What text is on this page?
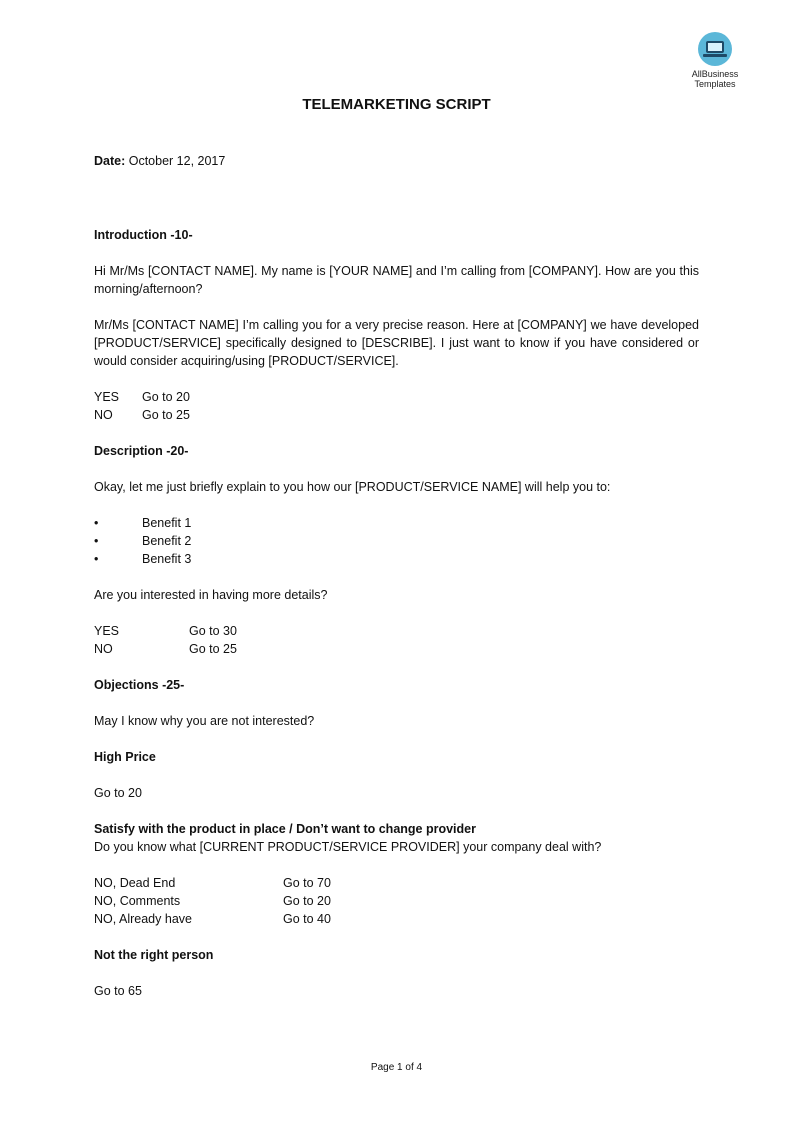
AllBusiness
Templates
TELEMARKETING SCRIPT

Date: October 12, 2017

Introduction -10-

Hi Mr/Ms [CONTACT NAME]. My name is [YOUR NAME] and I’m calling from [COMPANY]. How are you this morning/afternoon?

Mr/Ms [CONTACT NAME] I’m calling you for a very precise reason. Here at [COMPANY] we have developed [PRODUCT/SERVICE] specifically designed to [DESCRIBE]. I just want to know if you have considered or would consider acquiring/using [PRODUCT/SERVICE].

YES	Go to 20
NO	Go to 25

Description -20-

Okay, let me just briefly explain to you how our [PRODUCT/SERVICE NAME] will help you to:

•	Benefit 1
•	Benefit 2
•	Benefit 3

Are you interested in having more details?

YES	Go to 30
NO	Go to 25

Objections -25-

May I know why you are not interested?

High Price

Go to 20

Satisfy with the product in place / Don’t want to change provider

Do you know what [CURRENT PRODUCT/SERVICE PROVIDER] your company deal with?

NO, Dead End	Go to 70
NO, Comments	Go to 20
NO, Already have	Go to 40

Not the right person

Go to 65

Page 1 of 4
